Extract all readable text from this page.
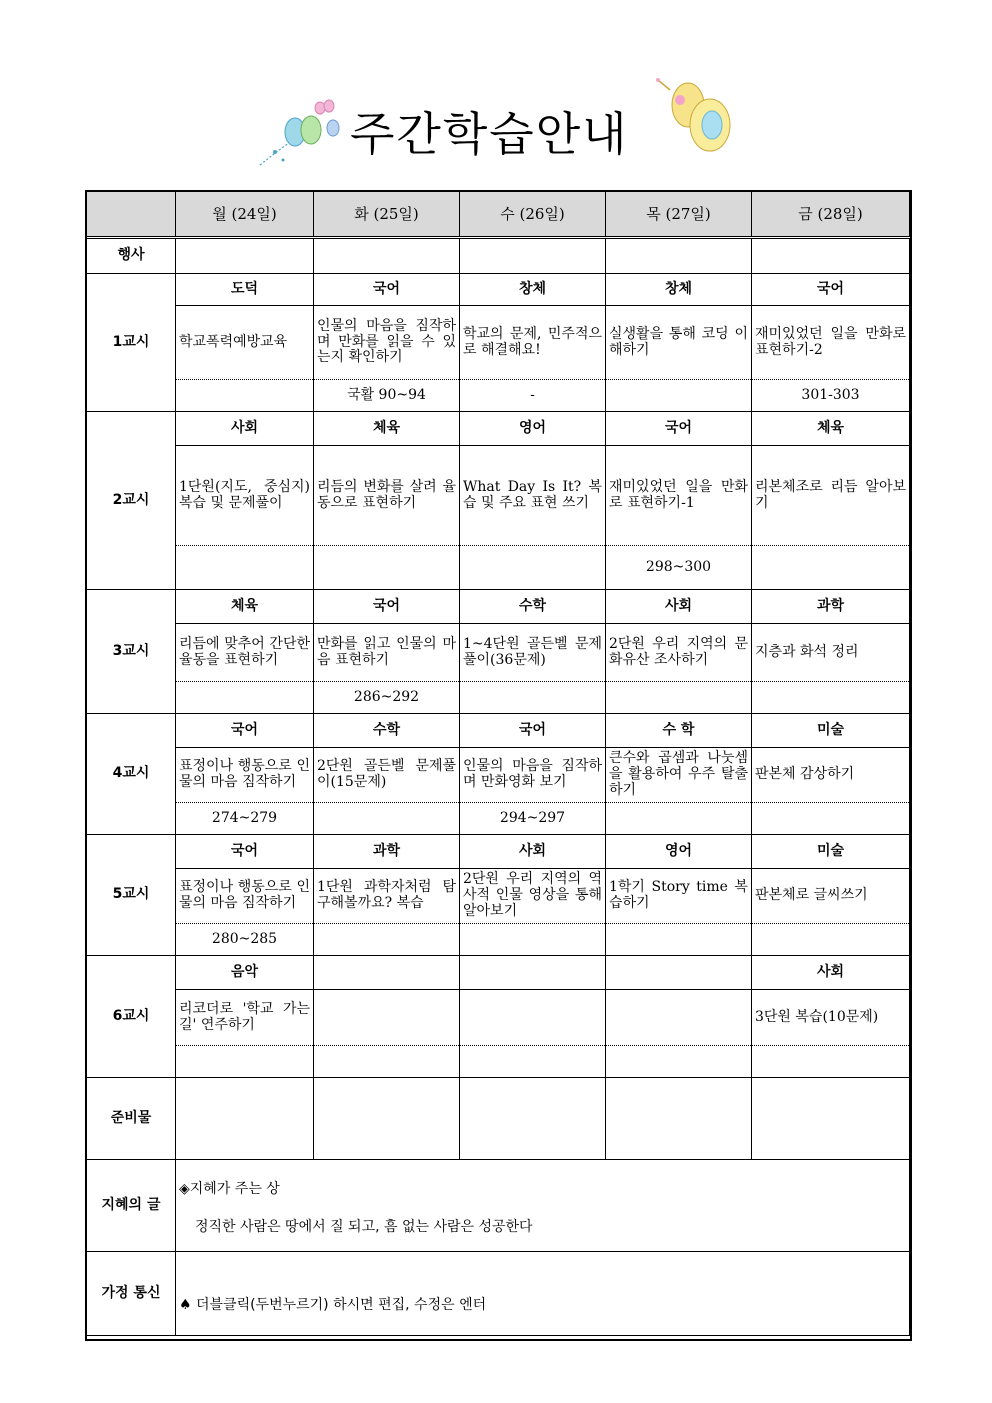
주간학습안내
	월 (24일)	화 (25일)	수 (26일)	목 (27일)	금 (28일)
행사					
1교시	도덕	국어	창체	창체	국어
	학교폭력예방교육	인물의 마음을 짐작하며 만화를 읽을 수 있는지 확인하기	학교의 문제, 민주적으로 해결해요!	실생활을 통해 코딩 이해하기	재미있었던 일을 만화로 표현하기-2
		국활 90~94	-		301-303
2교시	사회	체육	영어	국어	체육
	1단원(지도, 중심지) 복습 및 문제풀이	리듬의 변화를 살려 율동으로 표현하기	What Day Is It? 복습 및 주요 표현 쓰기	재미있었던 일을 만화로 표현하기-1	리본체조로 리듬 알아보기
				298~300	
3교시	체육	국어	수학	사회	과학
	리듬에 맞추어 간단한 율동을 표현하기	만화를 읽고 인물의 마음 표현하기	1~4단원 골든벨 문제 풀이(36문제)	2단원 우리 지역의 문화유산 조사하기	지층과 화석 정리
		286~292			
4교시	국어	수학	국어	수 학	미술
	표정이나 행동으로 인물의 마음 짐작하기	2단원 골든벨 문제풀이(15문제)	인물의 마음을 짐작하며 만화영화 보기	큰수와 곱셈과 나눗셈을 활용하여 우주 탈출하기	판본체 감상하기
	274~279		294~297		
5교시	국어	과학	사회	영어	미술
	표정이나 행동으로 인물의 마음 짐작하기	1단원 과학자처럼 탐구해볼까요? 복습	2단원 우리 지역의 역사적 인물 영상을 통해 알아보기	1학기 Story time 복습하기	판본체로 글씨쓰기
	280~285				
6교시	음악				사회
	리코더로 '학교 가는 길' 연주하기				3단원 복습(10문제)

준비물					
지혜의 글	◈지혜가 주는 상
정직한 사람은 땅에서 질 되고, 흠 없는 사람은 성공한다				

가정 통신	♠ 더블클릭(두번누르기) 하시면 편집, 수정은 엔터				
